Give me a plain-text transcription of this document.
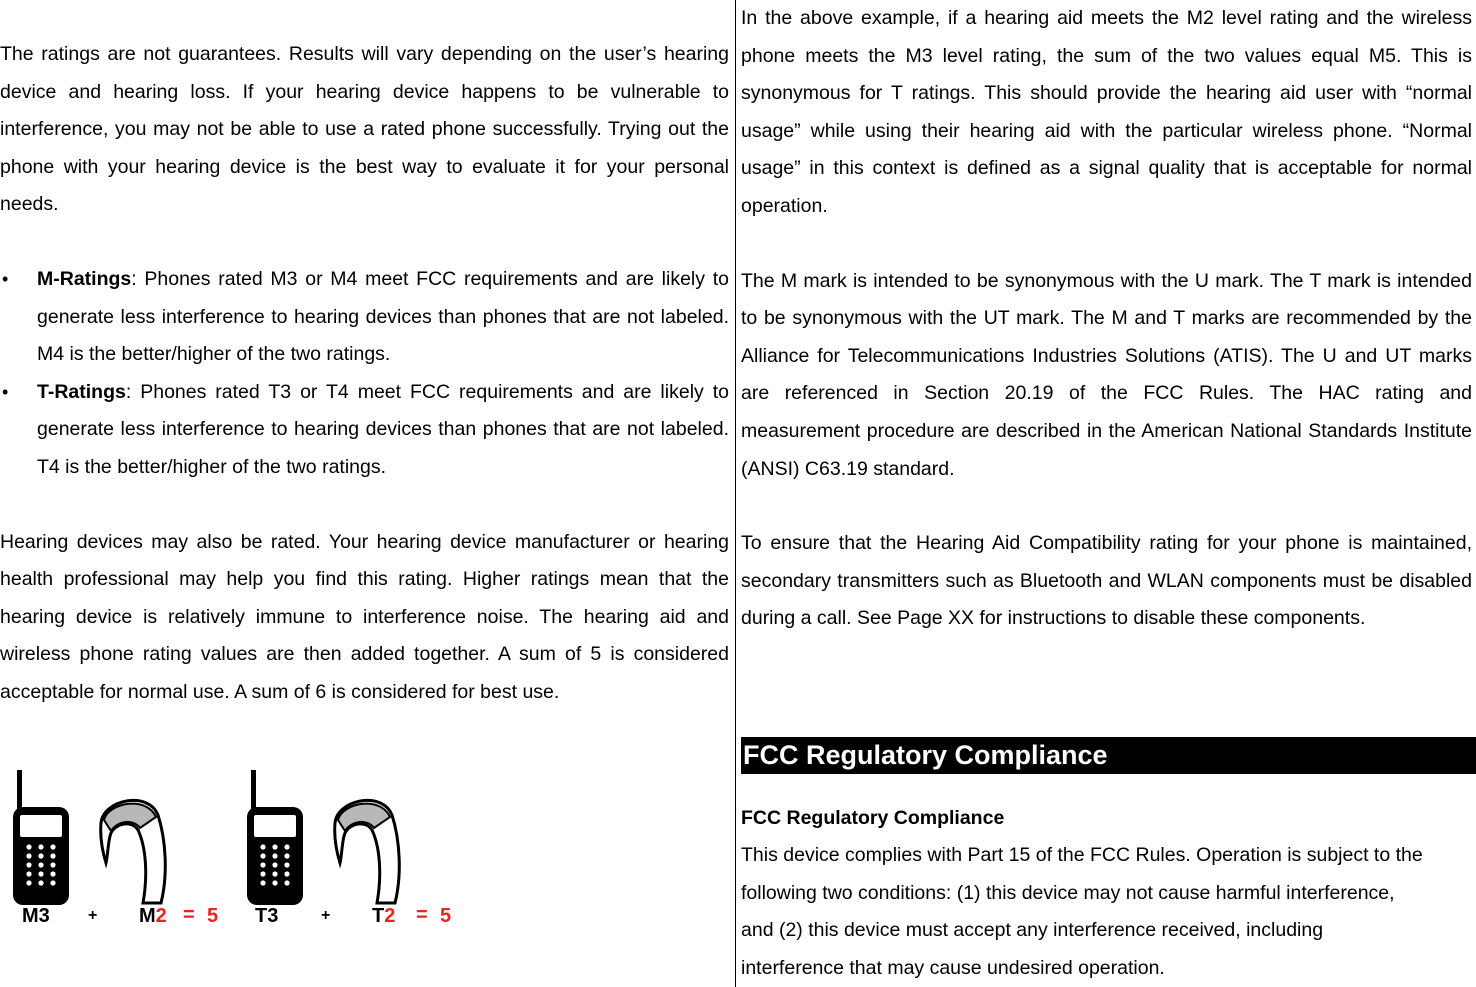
The ratings are not guarantees. Results will vary depending on the user’s hearing device and hearing loss. If your hearing device happens to be vulnerable to interference, you may not be able to use a rated phone successfully. Trying out the phone with your hearing device is the best way to evaluate it for your personal needs.

• M-Ratings: Phones rated M3 or M4 meet FCC requirements and are likely to generate less interference to hearing devices than phones that are not labeled. M4 is the better/higher of the two ratings.
• T-Ratings: Phones rated T3 or T4 meet FCC requirements and are likely to generate less interference to hearing devices than phones that are not labeled. T4 is the better/higher of the two ratings.

Hearing devices may also be rated. Your hearing device manufacturer or hearing health professional may help you find this rating. Higher ratings mean that the hearing device is relatively immune to interference noise. The hearing aid and wireless phone rating values are then added together. A sum of 5 is considered acceptable for normal use. A sum of 6 is considered for best use.

M3 + M2 = 5 T3	+ T2 = 5

In the above example, if a hearing aid meets the M2 level rating and the wireless phone meets the M3 level rating, the sum of the two values equal M5. This is synonymous for T ratings. This should provide the hearing aid user with “normal usage” while using their hearing aid with the particular wireless phone. “Normal usage” in this context is defined as a signal quality that is acceptable for normal operation.

The M mark is intended to be synonymous with the U mark. The T mark is intended to be synonymous with the UT mark. The M and T marks are recommended by the Alliance for Telecommunications Industries Solutions (ATIS). The U and UT marks are referenced in Section 20.19 of the FCC Rules. The HAC rating and measurement procedure are described in the American National Standards Institute (ANSI) C63.19 standard.

To ensure that the Hearing Aid Compatibility rating for your phone is maintained, secondary transmitters such as Bluetooth and WLAN components must be disabled during a call. See Page XX for instructions to disable these components.

FCC Regulatory Compliance

FCC Regulatory Compliance

This device complies with Part 15 of the FCC Rules. Operation is subject to the

following two conditions: (1) this device may not cause harmful interference,

and (2) this device must accept any interference received, including

interference that may cause undesired operation.
